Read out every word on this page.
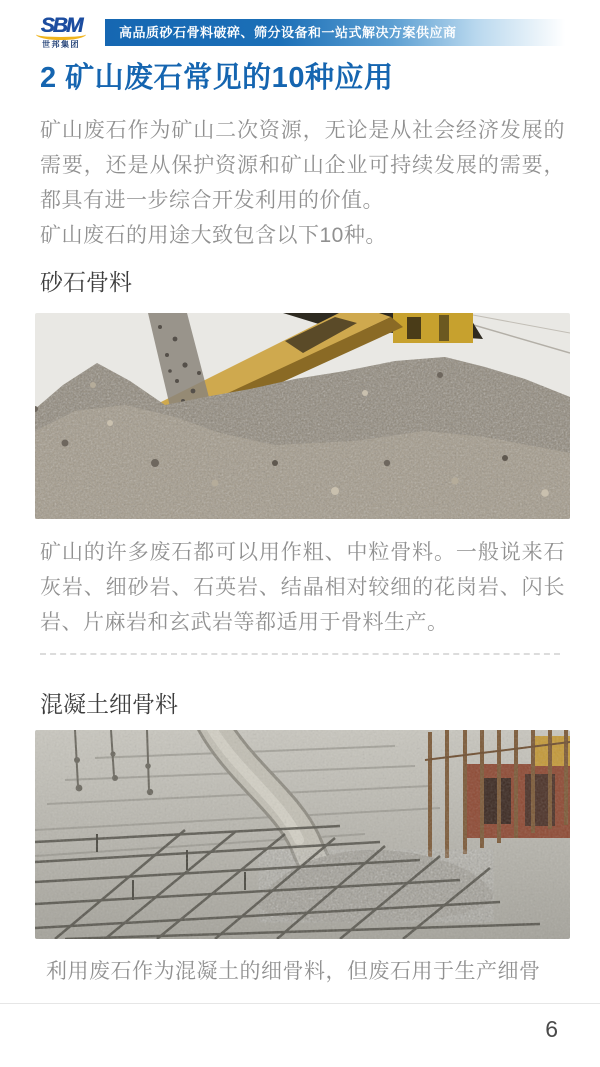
SBM
世邦集团
高品质砂石骨料破碎、筛分设备和一站式解决方案供应商
2 矿山废石常见的10种应用

矿山废石作为矿山二次资源，无论是从社会经济发展的需要，还是从保护资源和矿山企业可持续发展的需要，都具有进一步综合开发利用的价值。

矿山废石的用途大致包含以下10种。

砂石骨料

矿山的许多废石都可以用作粗、中粒骨料。一般说来石灰岩、细砂岩、石英岩、结晶相对较细的花岗岩、闪长岩、片麻岩和玄武岩等都适用于骨料生产。

混凝土细骨料

利用废石作为混凝土的细骨料，但废石用于生产细骨

6
